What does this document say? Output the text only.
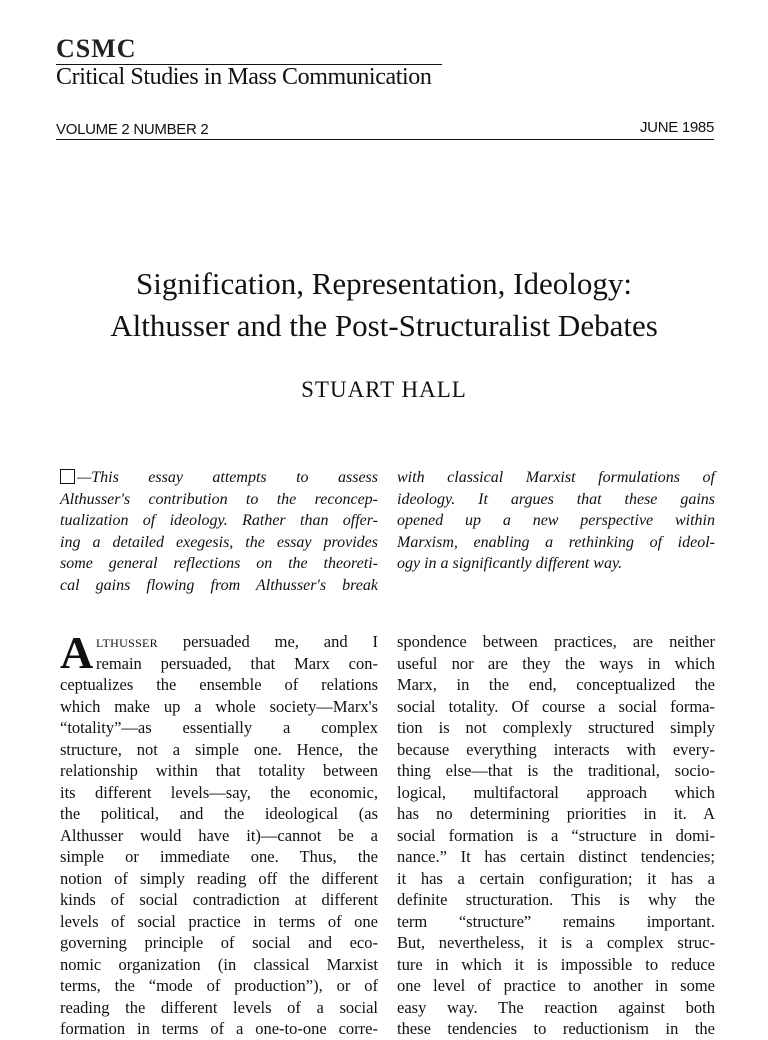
CSMC
Critical Studies in Mass Communication
VOLUME 2 NUMBER 2	JUNE 1985
Signification, Representation, Ideology:
Althusser and the Post-Structuralist Debates
STUART HALL
—This essay attempts to assess
Althusser's contribution to the reconcep-
tualization of ideology. Rather than offer-
ing a detailed exegesis, the essay provides
some general reflections on the theoreti-
cal gains flowing from Althusser's break
with classical Marxist formulations of
ideology. It argues that these gains
opened up a new perspective within
Marxism, enabling a rethinking of ideol-
ogy in a significantly different way.
A lthusser persuaded me, and I
remain persuaded, that Marx con-
ceptualizes the ensemble of relations
which make up a whole society—Marx's
“totality”—as essentially a complex
structure, not a simple one. Hence, the
relationship within that totality between
its different levels—say, the economic,
the political, and the ideological (as
Althusser would have it)—cannot be a
simple or immediate one. Thus, the
notion of simply reading off the different
kinds of social contradiction at different
levels of social practice in terms of one
governing principle of social and eco-
nomic organization (in classical Marxist
terms, the “mode of production”), or of
reading the different levels of a social
formation in terms of a one-to-one corre-
spondence between practices, are neither
useful nor are they the ways in which
Marx, in the end, conceptualized the
social totality. Of course a social forma-
tion is not complexly structured simply
because everything interacts with every-
thing else—that is the traditional, socio-
logical, multifactoral approach which
has no determining priorities in it. A
social formation is a “structure in domi-
nance.” It has certain distinct tendencies;
it has a certain configuration; it has a
definite structuration. This is why the
term “structure” remains important.
But, nevertheless, it is a complex struc-
ture in which it is impossible to reduce
one level of practice to another in some
easy way. The reaction against both
these tendencies to reductionism in the
